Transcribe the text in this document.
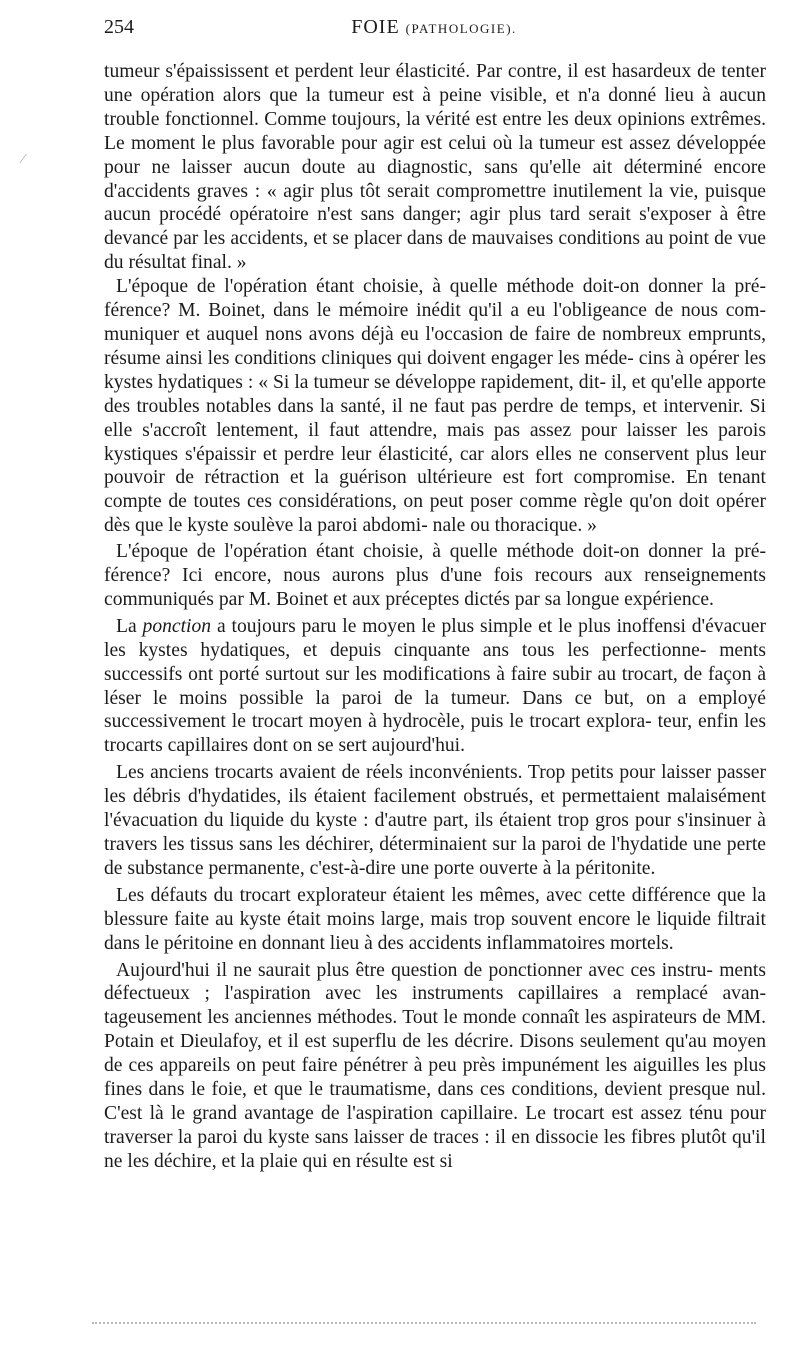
254	FOIE (PATHOLOGIE).

tumeur s'épaississent et perdent leur élasticité. Par contre, il est hasardeux de tenter une opération alors que la tumeur est à peine visible, et n'a donné lieu à aucun trouble fonctionnel. Comme toujours, la vérité est entre les deux opinions extrêmes. Le moment le plus favorable pour agir est celui où la tumeur est assez développée pour ne laisser aucun doute au diagnostic, sans qu'elle ait déterminé encore d'accidents graves : « agir plus tôt serait compromettre inutilement la vie, puisque aucun procédé opératoire n'est sans danger; agir plus tard serait s'exposer à être devancé par les accidents, et se placer dans de mauvaises conditions au point de vue du résultat final. »

L'époque de l'opération étant choisie, à quelle méthode doit-on donner la pré- férence? M. Boinet, dans le mémoire inédit qu'il a eu l'obligeance de nous com- muniquer et auquel nons avons déjà eu l'occasion de faire de nombreux emprunts, résume ainsi les conditions cliniques qui doivent engager les méde- cins à opérer les kystes hydatiques : « Si la tumeur se développe rapidement, dit- il, et qu'elle apporte des troubles notables dans la santé, il ne faut pas perdre de temps, et intervenir. Si elle s'accroît lentement, il faut attendre, mais pas assez pour laisser les parois kystiques s'épaissir et perdre leur élasticité, car alors elles ne conservent plus leur pouvoir de rétraction et la guérison ultérieure est fort compromise. En tenant compte de toutes ces considérations, on peut poser comme règle qu'on doit opérer dès que le kyste soulève la paroi abdomi- nale ou thoracique. »

L'époque de l'opération étant choisie, à quelle méthode doit-on donner la pré- férence? Ici encore, nous aurons plus d'une fois recours aux renseignements communiqués par M. Boinet et aux préceptes dictés par sa longue expérience.

La ponction a toujours paru le moyen le plus simple et le plus inoffensi d'évacuer les kystes hydatiques, et depuis cinquante ans tous les perfectionne- ments successifs ont porté surtout sur les modifications à faire subir au trocart, de façon à léser le moins possible la paroi de la tumeur. Dans ce but, on a employé successivement le trocart moyen à hydrocèle, puis le trocart explora- teur, enfin les trocarts capillaires dont on se sert aujourd'hui.

Les anciens trocarts avaient de réels inconvénients. Trop petits pour laisser passer les débris d'hydatides, ils étaient facilement obstrués, et permettaient malaisément l'évacuation du liquide du kyste : d'autre part, ils étaient trop gros pour s'insinuer à travers les tissus sans les déchirer, déterminaient sur la paroi de l'hydatide une perte de substance permanente, c'est-à-dire une porte ouverte à la péritonite.

Les défauts du trocart explorateur étaient les mêmes, avec cette différence que la blessure faite au kyste était moins large, mais trop souvent encore le liquide filtrait dans le péritoine en donnant lieu à des accidents inflammatoires mortels.

Aujourd'hui il ne saurait plus être question de ponctionner avec ces instru- ments défectueux ; l'aspiration avec les instruments capillaires a remplacé avan- tageusement les anciennes méthodes. Tout le monde connaît les aspirateurs de MM. Potain et Dieulafoy, et il est superflu de les décrire. Disons seulement qu'au moyen de ces appareils on peut faire pénétrer à peu près impunément les aiguilles les plus fines dans le foie, et que le traumatisme, dans ces conditions, devient presque nul. C'est là le grand avantage de l'aspiration capillaire. Le trocart est assez ténu pour traverser la paroi du kyste sans laisser de traces : il en dissocie les fibres plutôt qu'il ne les déchire, et la plaie qui en résulte est si

∕
